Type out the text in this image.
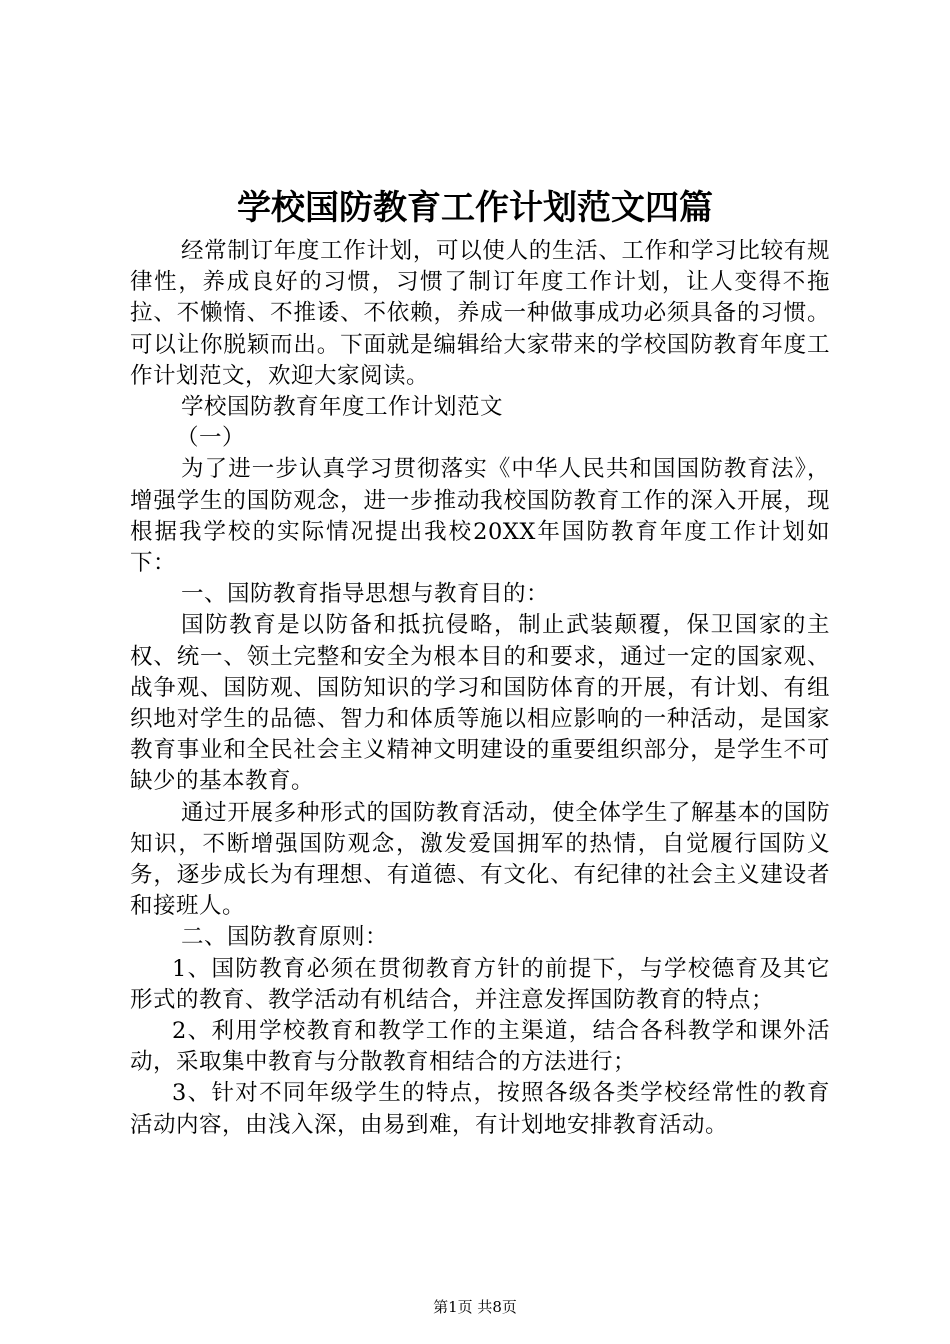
学校国防教育工作计划范文四篇

经常制订年度工作计划，可以使人的生活、工作和学习比较有规律性，养成良好的习惯，习惯了制订年度工作计划，让人变得不拖拉、不懒惰、不推诿、不依赖，养成一种做事成功必须具备的习惯。可以让你脱颖而出。下面就是编辑给大家带来的学校国防教育年度工作计划范文，欢迎大家阅读。

学校国防教育年度工作计划范文

（一）

为了进一步认真学习贯彻落实《中华人民共和国国防教育法》，增强学生的国防观念，进一步推动我校国防教育工作的深入开展，现根据我学校的实际情况提出我校20XX年国防教育年度工作计划如下：

一、国防教育指导思想与教育目的：

国防教育是以防备和抵抗侵略，制止武装颠覆，保卫国家的主权、统一、领土完整和安全为根本目的和要求，通过一定的国家观、战争观、国防观、国防知识的学习和国防体育的开展，有计划、有组织地对学生的品德、智力和体质等施以相应影响的一种活动，是国家教育事业和全民社会主义精神文明建设的重要组织部分，是学生不可缺少的基本教育。

通过开展多种形式的国防教育活动，使全体学生了解基本的国防知识，不断增强国防观念，激发爱国拥军的热情，自觉履行国防义务，逐步成长为有理想、有道德、有文化、有纪律的社会主义建设者和接班人。

二、国防教育原则：

1、国防教育必须在贯彻教育方针的前提下，与学校德育及其它形式的教育、教学活动有机结合，并注意发挥国防教育的特点；

2、利用学校教育和教学工作的主渠道，结合各科教学和课外活动，采取集中教育与分散教育相结合的方法进行；

3、针对不同年级学生的特点，按照各级各类学校经常性的教育活动内容，由浅入深，由易到难，有计划地安排教育活动。

第1页 共8页
